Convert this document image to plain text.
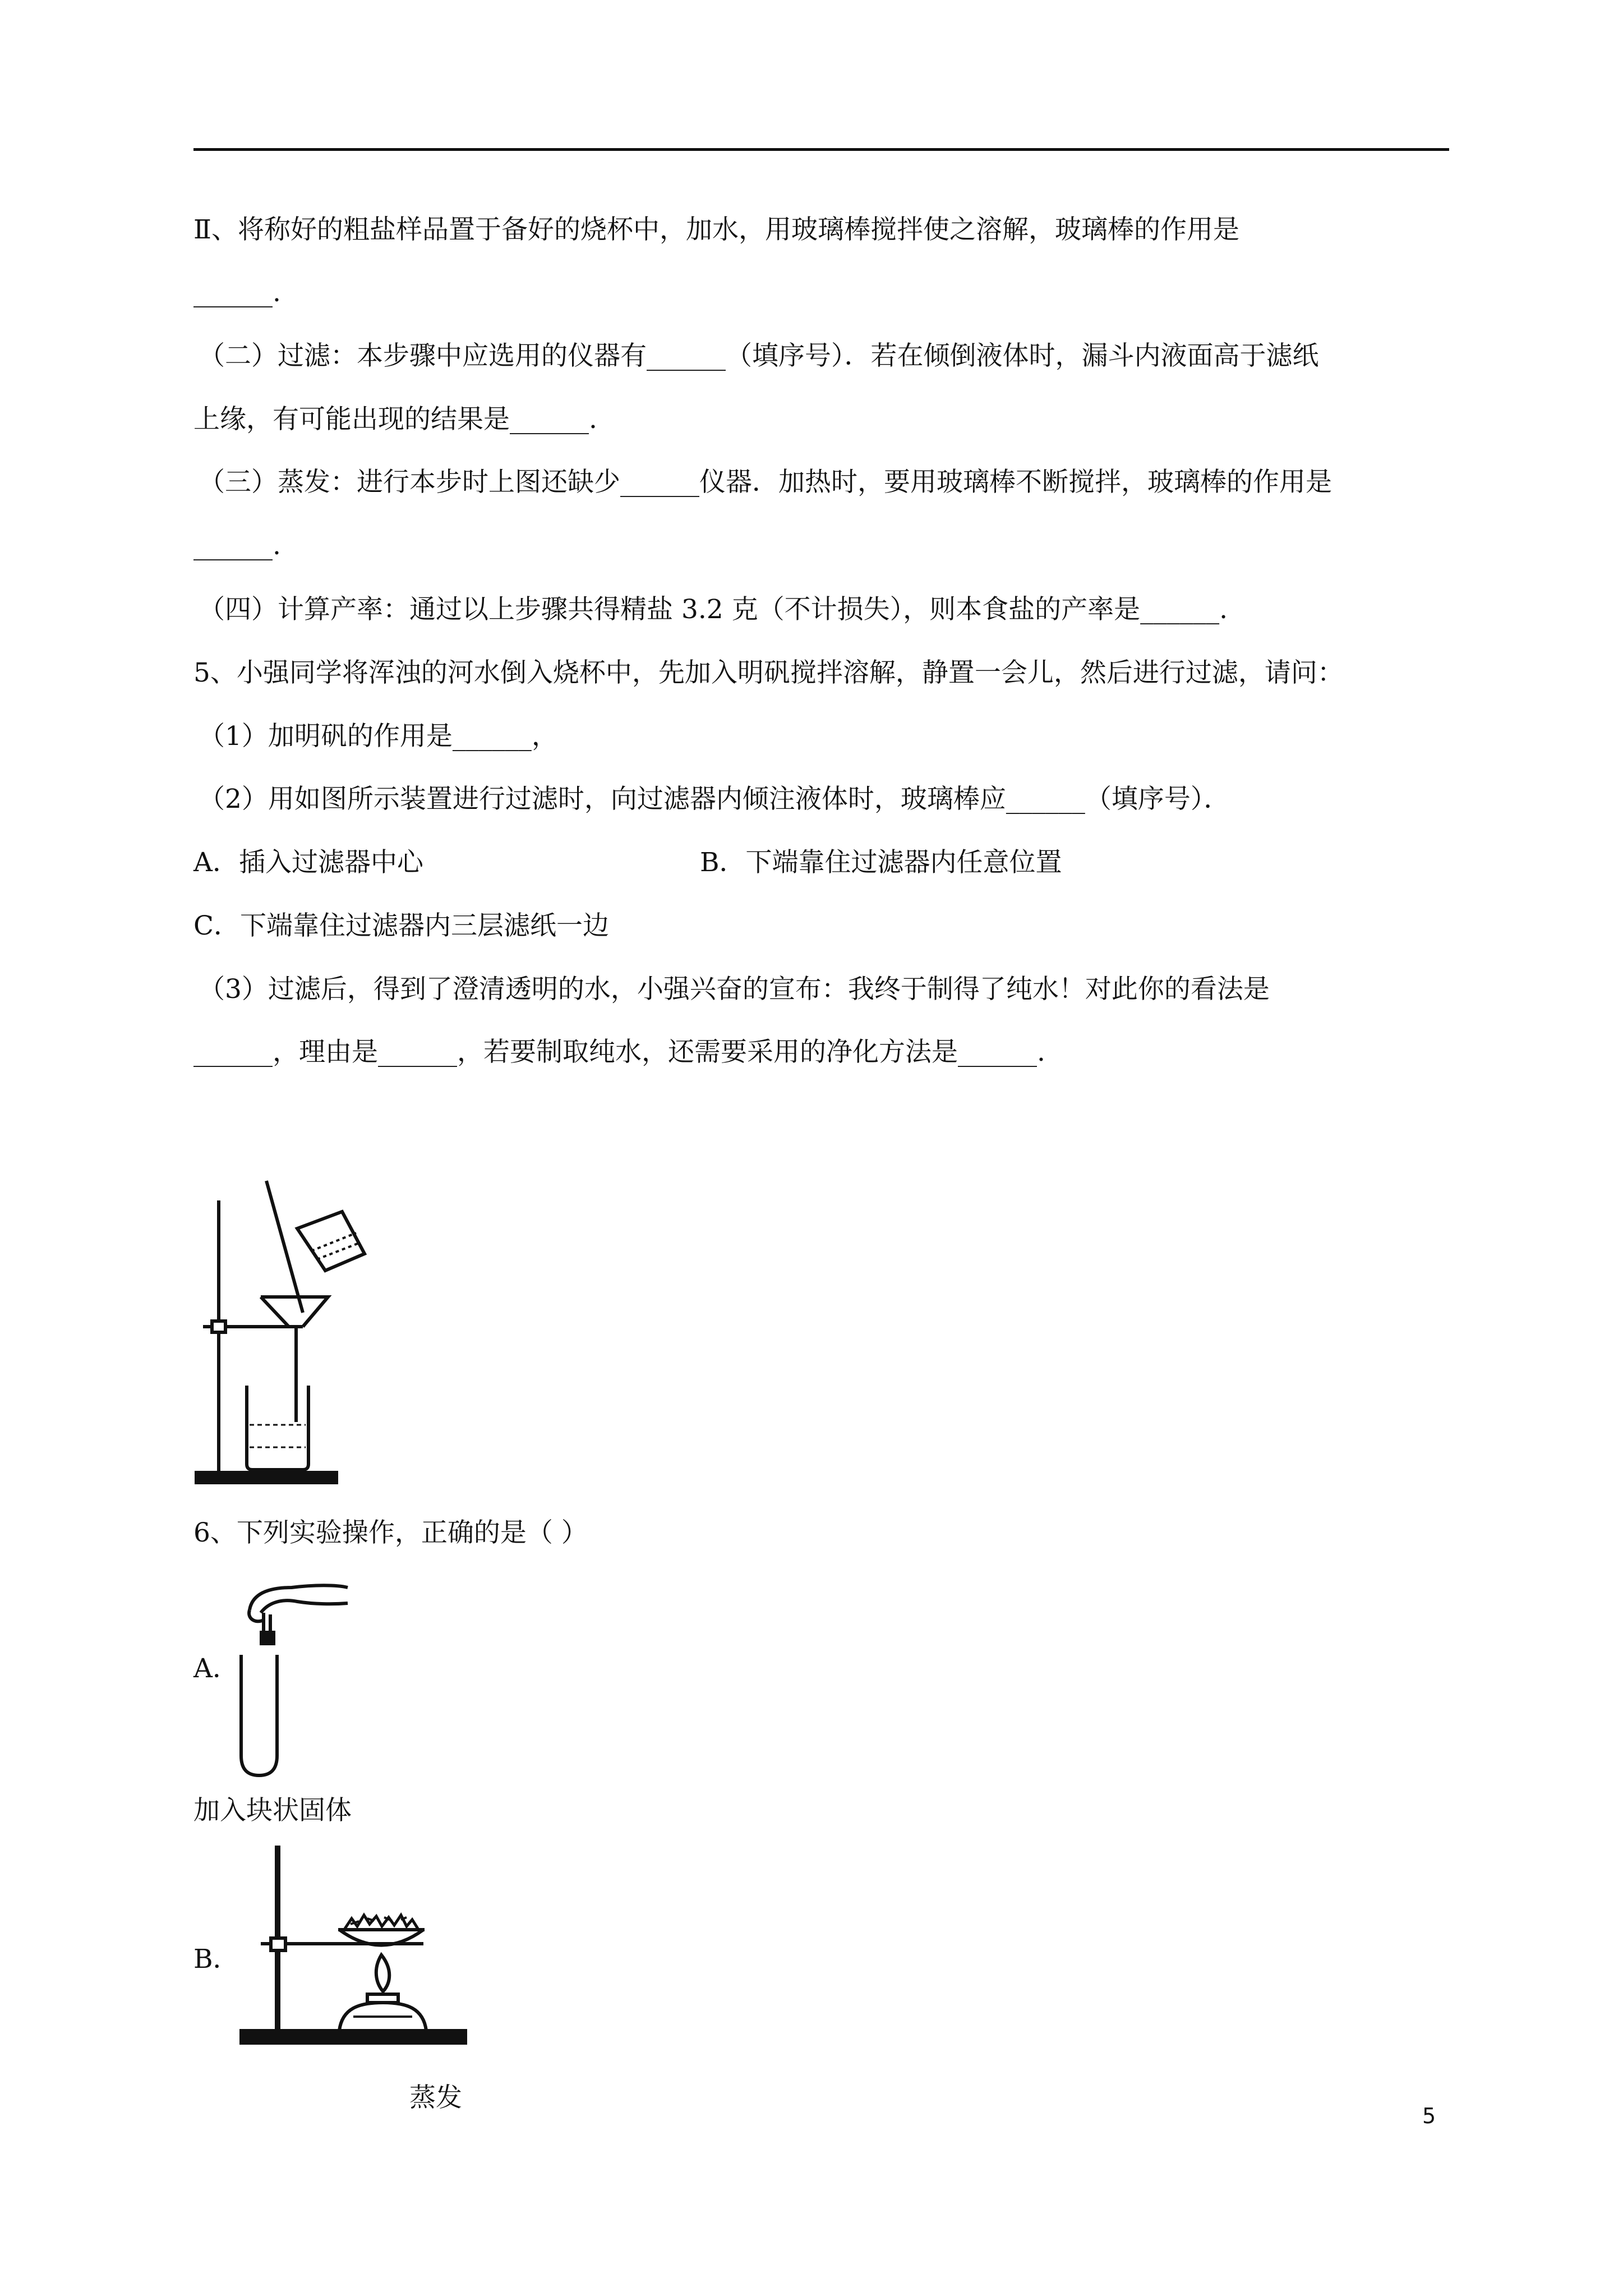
Ⅱ、将称好的粗盐样品置于备好的烧杯中，加水，用玻璃棒搅拌使之溶解，玻璃棒的作用是
______.
（二）过滤：本步骤中应选用的仪器有______（填序号）．若在倾倒液体时，漏斗内液面高于滤纸
上缘，有可能出现的结果是______.
（三）蒸发：进行本步时上图还缺少______仪器．加热时，要用玻璃棒不断搅拌，玻璃棒的作用是
______.
（四）计算产率：通过以上步骤共得精盐 3.2 克（不计损失），则本食盐的产率是______.
5、小强同学将浑浊的河水倒入烧杯中，先加入明矾搅拌溶解，静置一会儿，然后进行过滤，请问：
（1）加明矾的作用是______，
（2）用如图所示装置进行过滤时，向过滤器内倾注液体时，玻璃棒应______（填序号）．
A．插入过滤器中心	B．下端靠住过滤器内任意位置
C．下端靠住过滤器内三层滤纸一边
（3）过滤后，得到了澄清透明的水，小强兴奋的宣布：我终于制得了纯水！对此你的看法是
______，理由是______，若要制取纯水，还需要采用的净化方法是______.
6、下列实验操作，正确的是（ ）
A．
加入块状固体
B．
蒸发
5
